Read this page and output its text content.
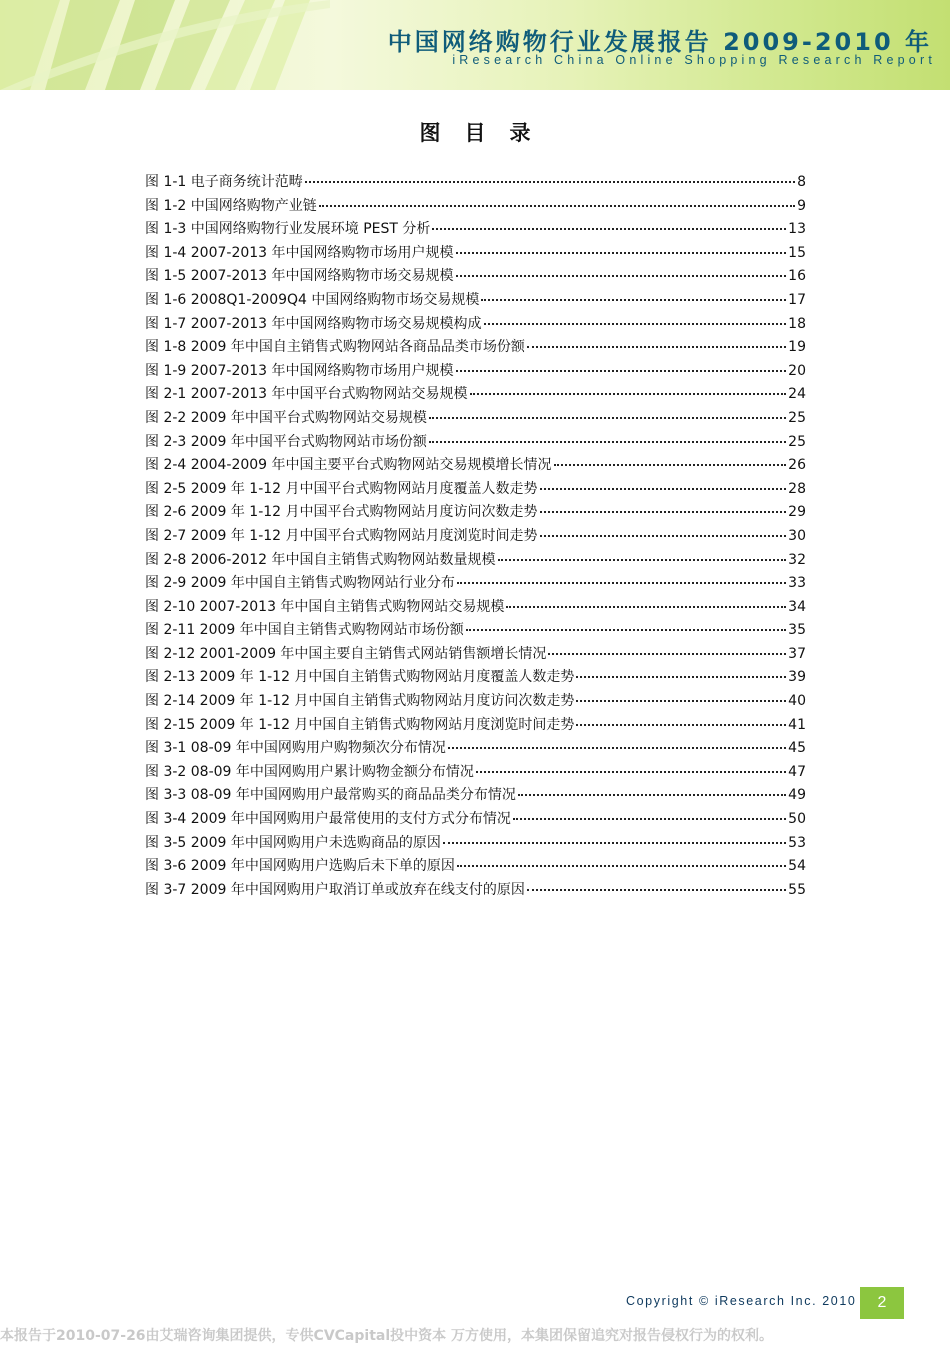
中国网络购物行业发展报告 2009-2010 年
iResearch China Online Shopping Research Report
图目录
图 1-1 电子商务统计范畴	8
图 1-2 中国网络购物产业链	9
图 1-3 中国网络购物行业发展环境 PEST 分析	13
图 1-4 2007-2013 年中国网络购物市场用户规模	15
图 1-5 2007-2013 年中国网络购物市场交易规模	16
图 1-6 2008Q1-2009Q4 中国网络购物市场交易规模	17
图 1-7 2007-2013 年中国网络购物市场交易规模构成	18
图 1-8 2009 年中国自主销售式购物网站各商品品类市场份额	19
图 1-9 2007-2013 年中国网络购物市场用户规模	20
图 2-1 2007-2013 年中国平台式购物网站交易规模	24
图 2-2 2009 年中国平台式购物网站交易规模	25
图 2-3 2009 年中国平台式购物网站市场份额	25
图 2-4 2004-2009 年中国主要平台式购物网站交易规模增长情况	26
图 2-5 2009 年 1-12 月中国平台式购物网站月度覆盖人数走势	28
图 2-6 2009 年 1-12 月中国平台式购物网站月度访问次数走势	29
图 2-7 2009 年 1-12 月中国平台式购物网站月度浏览时间走势	30
图 2-8 2006-2012 年中国自主销售式购物网站数量规模	32
图 2-9 2009 年中国自主销售式购物网站行业分布	33
图 2-10 2007-2013 年中国自主销售式购物网站交易规模	34
图 2-11 2009 年中国自主销售式购物网站市场份额	35
图 2-12 2001-2009 年中国主要自主销售式网站销售额增长情况	37
图 2-13 2009 年 1-12 月中国自主销售式购物网站月度覆盖人数走势	39
图 2-14 2009 年 1-12 月中国自主销售式购物网站月度访问次数走势	40
图 2-15 2009 年 1-12 月中国自主销售式购物网站月度浏览时间走势	41
图 3-1 08-09 年中国网购用户购物频次分布情况	45
图 3-2 08-09 年中国网购用户累计购物金额分布情况	47
图 3-3 08-09 年中国网购用户最常购买的商品品类分布情况	49
图 3-4 2009 年中国网购用户最常使用的支付方式分布情况	50
图 3-5 2009 年中国网购用户未选购商品的原因	53
图 3-6 2009 年中国网购用户选购后未下单的原因	54
图 3-7 2009 年中国网购用户取消订单或放弃在线支付的原因	55
Copyright © iResearch Inc. 2010	2
本报告于2010-07-26由艾瑞咨询集团提供，专供CVCapital投中资本 万方使用，本集团保留追究对报告侵权行为的权利。
